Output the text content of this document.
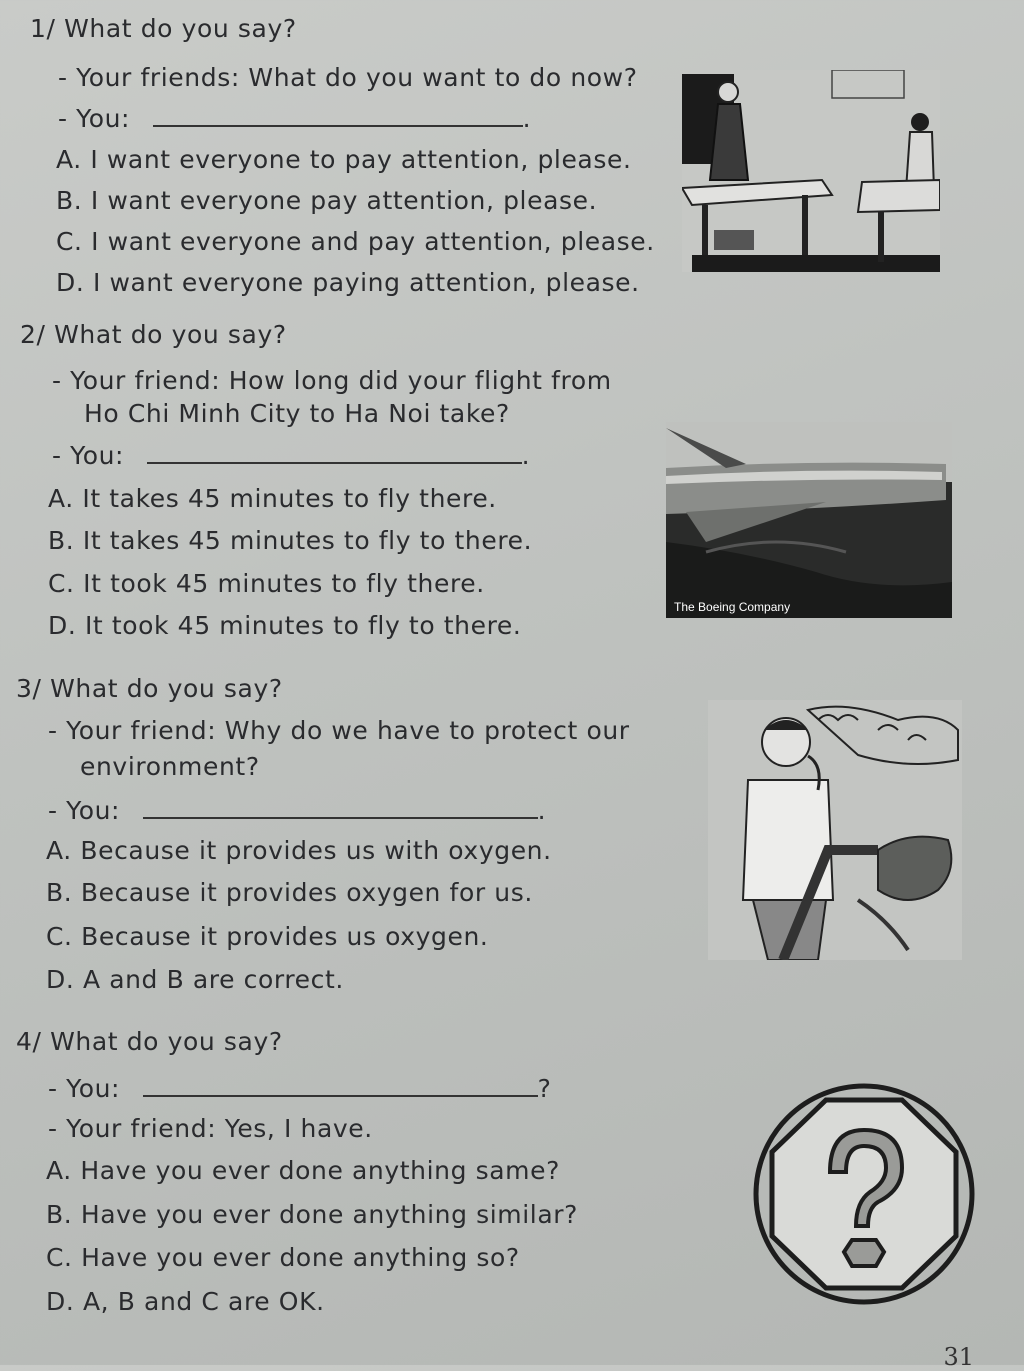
1/ What do you say?
- Your friends: What do you want to do now?
- You:	.
A. I want everyone to pay attention, please.
B. I want everyone pay attention, please.
C. I want everyone and pay attention, please.
D. I want everyone paying attention, please.
2/ What do you say?
- Your friend: How long did your flight from
Ho Chi Minh City to Ha Noi take?
- You:	.
A. It takes 45 minutes to fly there.
B. It takes 45 minutes to fly to there.
C. It took 45 minutes to fly there.
D. It took 45 minutes to fly to there.
The Boeing Company
3/ What do you say?
- Your friend: Why do we have to protect our
environment?
- You:	.
A. Because it provides us with oxygen.
B. Because it provides oxygen for us.
C. Because it provides us oxygen.
D. A and B are correct.
4/ What do you say?
- You:	?
- Your friend: Yes, I have.
A. Have you ever done anything same?
B. Have you ever done anything similar?
C. Have you ever done anything so?
D. A, B and C are OK.
31
